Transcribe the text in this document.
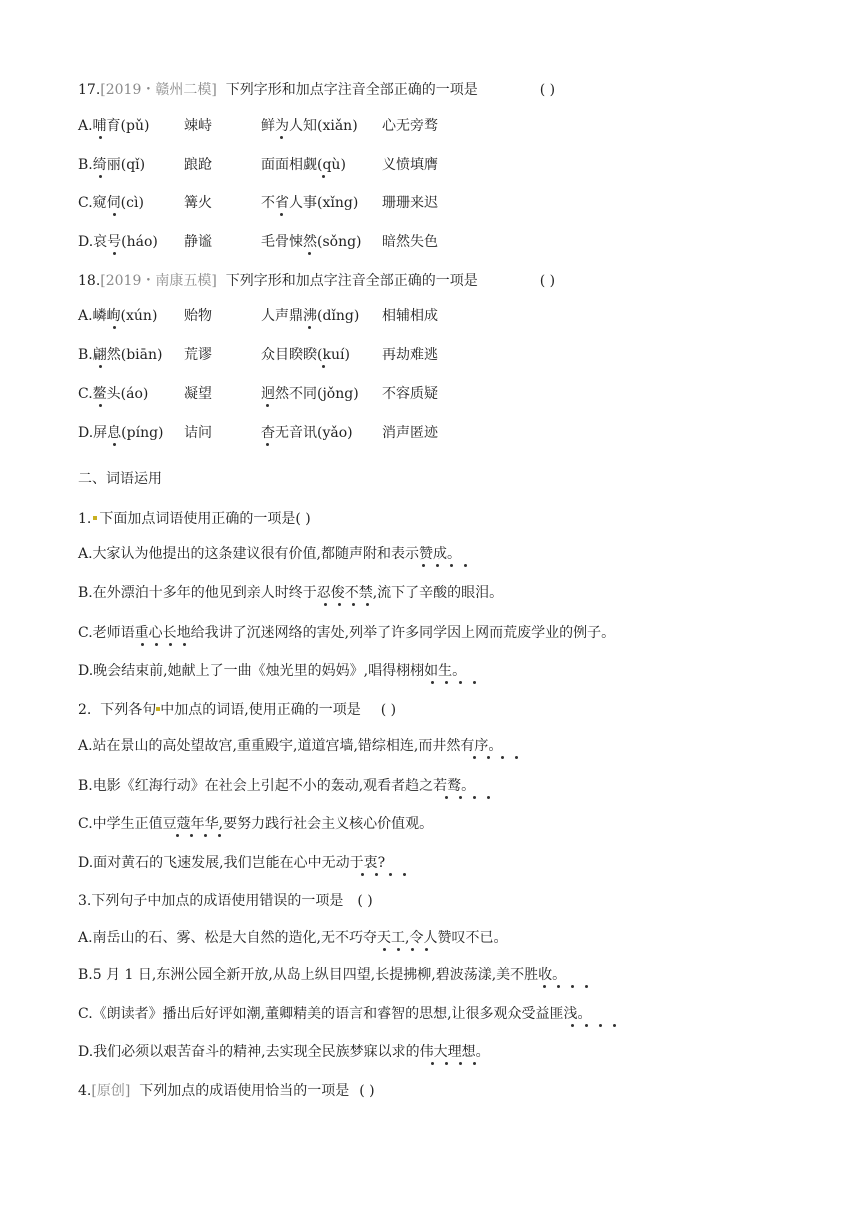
17.[2019・赣州二模] 下列字形和加点字注音全部正确的一项是	( )
A.哺育(pǔ) 竦峙	鲜为人知(xiǎn) 心无旁骛
B.绮丽(qǐ)	踉跄	面面相觑(qù)	义愤填膺
C.窥伺(cì)	篝火	不省人事(xǐng) 珊珊来迟
D.哀号(háo) 静谧	毛骨悚然(sǒng) 暗然失色
18.[2019・南康五模] 下列字形和加点字注音全部正确的一项是	( )
A.嶙峋(xún) 贻物	人声鼎沸(dǐng) 相辅相成
B.翩然(biān) 荒谬	众目睽睽(kuí) 再劫难逃
C.鳌头(áo)	凝望	迥然不同(jǒng) 不容质疑
D.屏息(píng) 诘问	杳无音讯(yǎo) 消声匿迹
二、词语运用
1. 下面加点词语使用正确的一项是( )
A.大家认为他提出的这条建议很有价值,都随声附和表示赞成。
B.在外漂泊十多年的他见到亲人时终于忍俊不禁,流下了辛酸的眼泪。
C.老师语重心长地给我讲了沉迷网络的害处,列举了许多同学因上网而荒废学业的例子。
D.晚会结束前,她献上了一曲《烛光里的妈妈》,唱得栩栩如生。
2. 下列各句 中加点的词语,使用正确的一项是 ( )
A.站在景山的高处望故宫,重重殿宇,道道宫墙,错综相连,而井然有序。
B.电影《红海行动》在社会上引起不小的轰动,观看者趋之若鹜。
C.中学生正值豆蔻年华,要努力践行社会主义核心价值观。
D.面对黄石的飞速发展,我们岂能在心中无动于衷?
3.下列句子中加点的成语使用错误的一项是 ( )
A.南岳山的石、雾、松是大自然的造化,无不巧夺天工,令人赞叹不已。
B.5 月 1 日,东洲公园全新开放,从岛上纵目四望,长提拂柳,碧波荡漾,美不胜收。
C.《朗读者》播出后好评如潮,董卿精美的语言和睿智的思想,让很多观众受益匪浅。
D.我们必须以艰苦奋斗的精神,去实现全民族梦寐以求的伟大理想。
4.[原创] 下列加点的成语使用恰当的一项是 ( )
